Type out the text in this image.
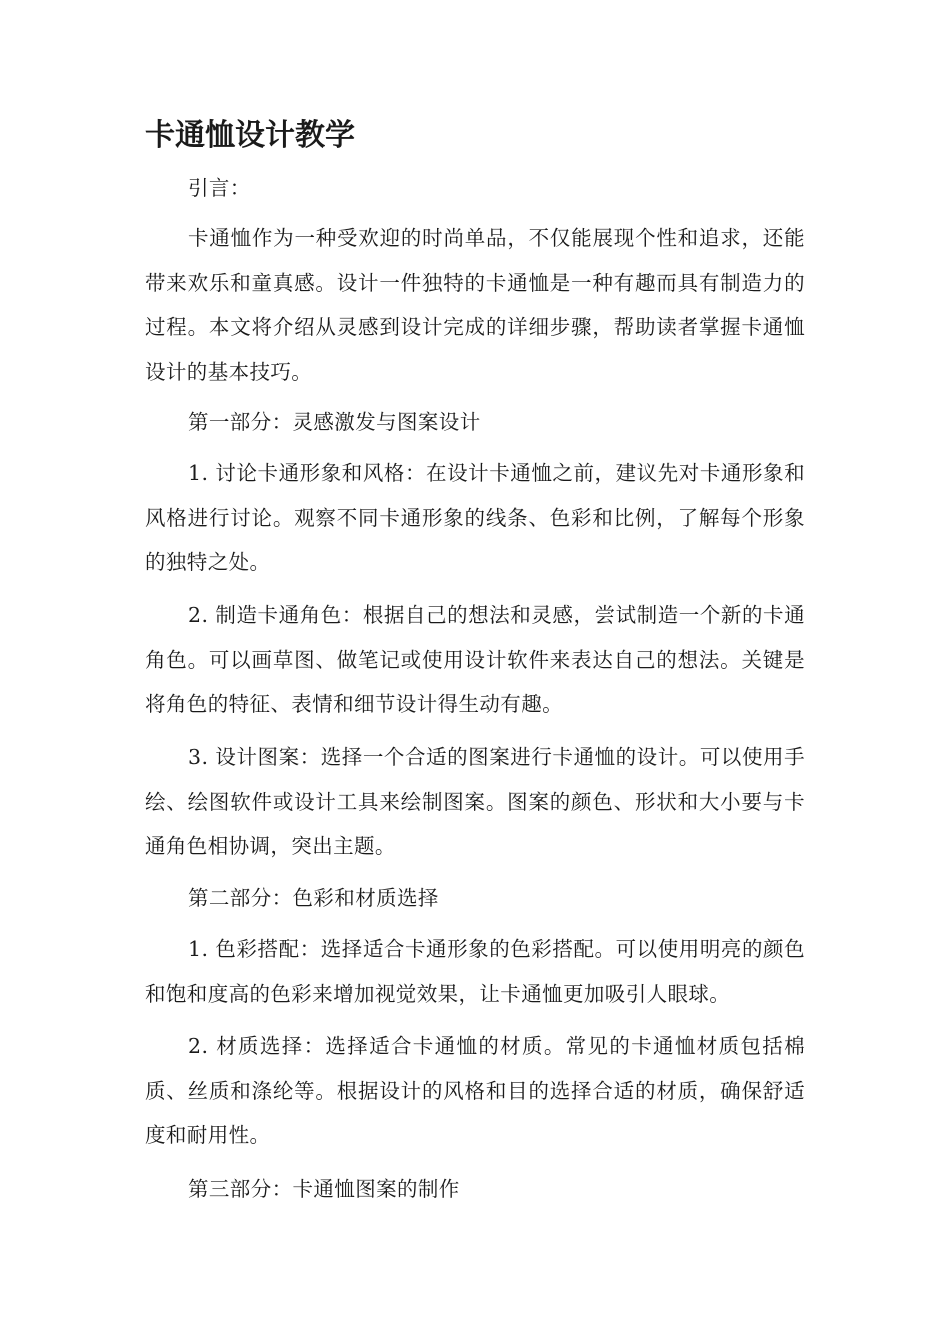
卡通恤设计教学

引言：

卡通恤作为一种受欢迎的时尚单品，不仅能展现个性和追求，还能带来欢乐和童真感。设计一件独特的卡通恤是一种有趣而具有制造力的过程。本文将介绍从灵感到设计完成的详细步骤，帮助读者掌握卡通恤设计的基本技巧。

第一部分：灵感激发与图案设计

1. 讨论卡通形象和风格：在设计卡通恤之前，建议先对卡通形象和风格进行讨论。观察不同卡通形象的线条、色彩和比例，了解每个形象的独特之处。

2. 制造卡通角色：根据自己的想法和灵感，尝试制造一个新的卡通角色。可以画草图、做笔记或使用设计软件来表达自己的想法。关键是将角色的特征、表情和细节设计得生动有趣。

3. 设计图案：选择一个合适的图案进行卡通恤的设计。可以使用手绘、绘图软件或设计工具来绘制图案。图案的颜色、形状和大小要与卡通角色相协调，突出主题。

第二部分：色彩和材质选择

1. 色彩搭配：选择适合卡通形象的色彩搭配。可以使用明亮的颜色和饱和度高的色彩来增加视觉效果，让卡通恤更加吸引人眼球。

2. 材质选择：选择适合卡通恤的材质。常见的卡通恤材质包括棉质、丝质和涤纶等。根据设计的风格和目的选择合适的材质，确保舒适度和耐用性。

第三部分：卡通恤图案的制作
